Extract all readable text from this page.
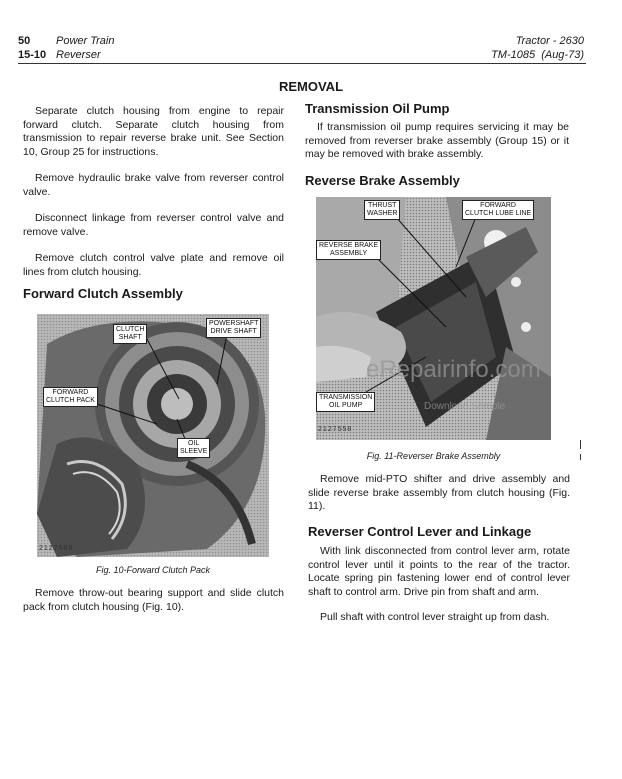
50 Power Train
15-10 Reverser
Tractor - 2630
TM-1085  (Aug-73)
REMOVAL

Separate clutch housing from engine to repair forward clutch. Separate clutch housing from transmission to repair reverse brake unit. See Section 10, Group 25 for instructions.

Remove hydraulic brake valve from reverser control valve.

Disconnect linkage from reverser control valve and remove valve.

Remove clutch control valve plate and remove oil lines from clutch housing.

Forward Clutch Assembly
CLUTCH
SHAFT
POWERSHAFT
DRIVE SHAFT
FORWARD
CLUTCH PACK
OIL
SLEEVE
2127588
Fig. 10-Forward Clutch Pack

Remove throw-out bearing support and slide clutch pack from clutch housing (Fig. 10).

Transmission Oil Pump

If transmission oil pump requires servicing it may be removed from reverser brake assembly (Group 15) or it may be removed with brake assembly.

Reverse Brake Assembly
THRUST
WASHER
FORWARD
CLUTCH LUBE LINE
REVERSE BRAKE
ASSEMBLY
TRANSMISSION
OIL PUMP
2127558
Fig. 11-Reverser Brake Assembly

Remove mid-PTO shifter and drive assembly and slide reverse brake assembly from clutch housing (Fig. 11).

Reverser Control Lever and Linkage

With link disconnected from control lever arm, rotate control lever until it points to the rear of the tractor. Locate spring pin fastening lower end of control lever shaft to control arm. Drive pin from shaft and arm.

Pull shaft with control lever straight up from dash.

eRepairinfo.com
Download Sample
